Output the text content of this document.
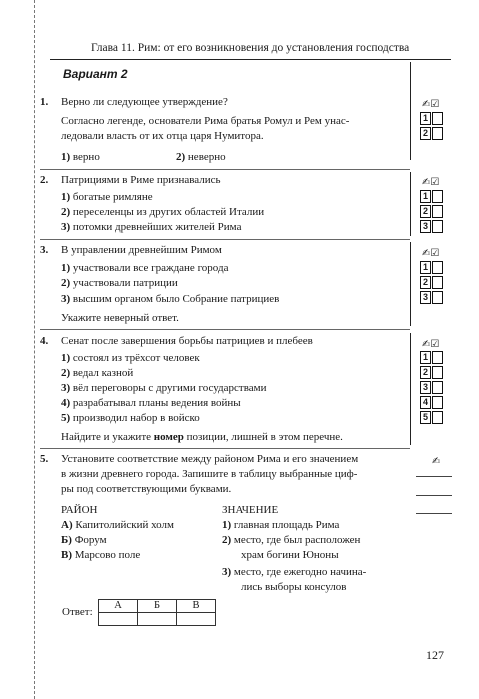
Глава 11. Рим: от его возникновения до установления господства
Вариант 2
1. Верно ли следующее утверждение?
Согласно легенде, основатели Рима братья Ромул и Рем унас-
ледовали власть от их отца царя Нумитора.
1) верно	2) неверно
✍☑
1
2
2. Патрициями в Риме признавались
1) богатые римляне
2) переселенцы из других областей Италии
3) потомки древнейших жителей Рима
✍☑
1
2
3
3. В управлении древнейшим Римом
1) участвовали все граждане города
2) участвовали патриции
3) высшим органом было Собрание патрициев
Укажите неверный ответ.
✍☑
1
2
3
4. Сенат после завершения борьбы патрициев и плебеев
1) состоял из трёхсот человек
2) ведал казной
3) вёл переговоры с другими государствами
4) разрабатывал планы ведения войны
5) производил набор в войско
Найдите и укажите номер позиции, лишней в этом перечне.
✍☑
1
2
3
4
5
5. Установите соответствие между районом Рима и его значением
в жизни древнего города. Запишите в таблицу выбранные циф-
ры под соответствующими буквами.
✍
РАЙОН	ЗНАЧЕНИЕ
А) Капитолийский холм
Б) Форум
В) Марсово поле
1) главная площадь Рима
2) место, где был расположен
храм богини Юноны
3) место, где ежегодно начина-
лись выборы консулов
Ответ:
А	Б	В

127
